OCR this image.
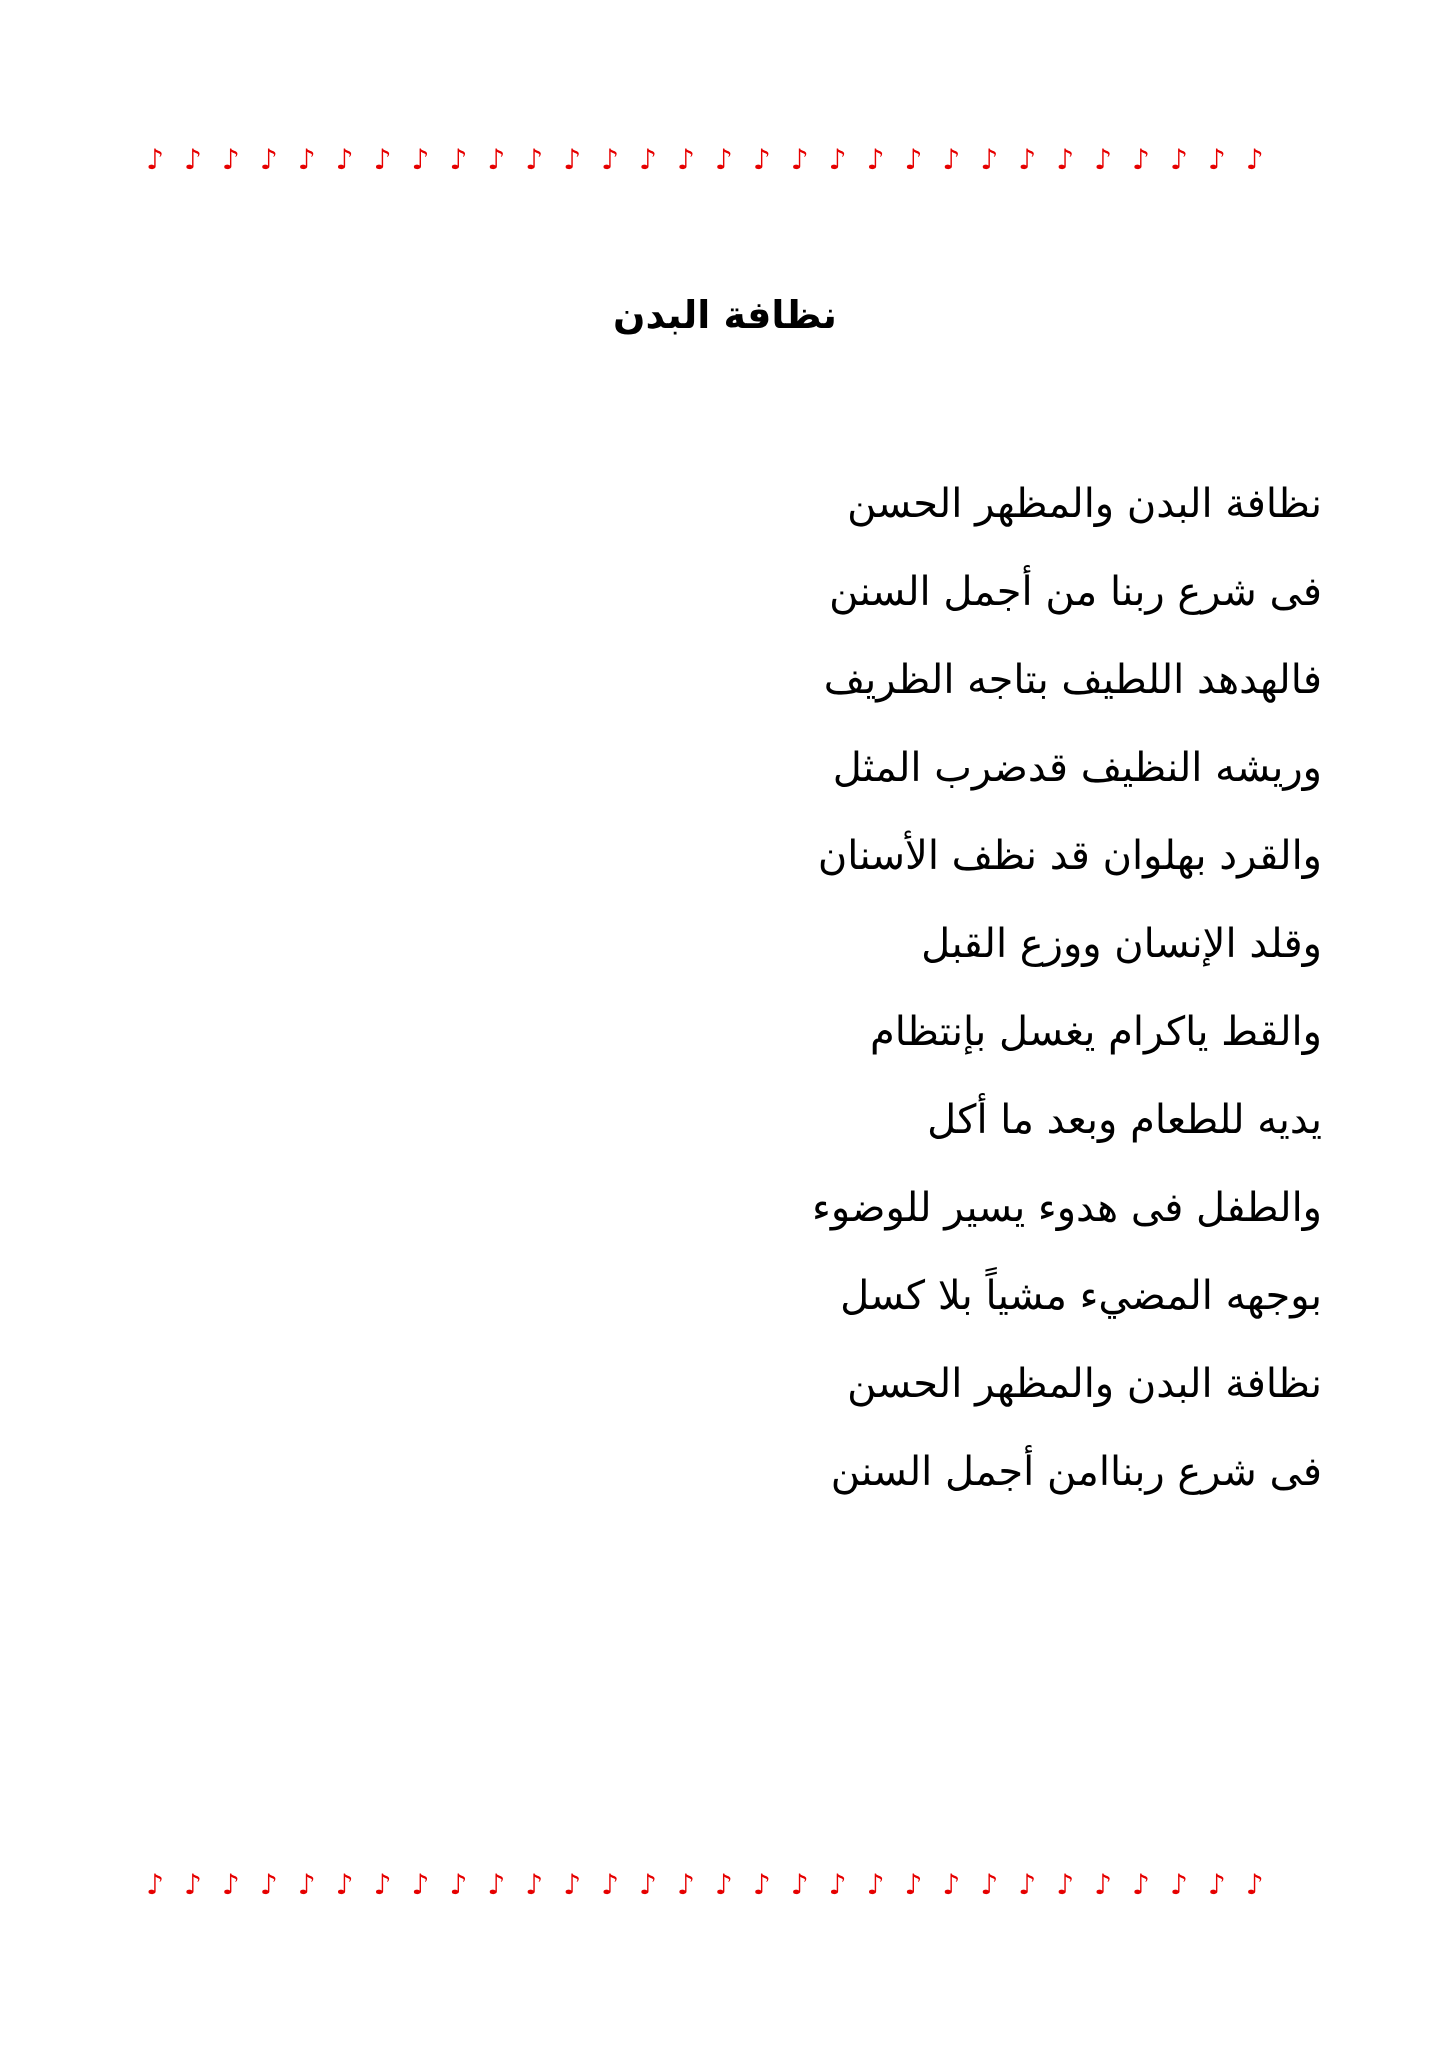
♪ ♪ ♪ ♪ ♪ ♪ ♪ ♪ ♪ ♪ ♪ ♪ ♪ ♪ ♪ ♪ ♪ ♪ ♪ ♪ ♪ ♪ ♪ ♪ ♪ ♪ ♪ ♪ ♪ ♪
نظافة البدن
نظافة البدن والمظهر الحسن
فى شرع ربنا من أجمل السنن
فالهدهد اللطيف بتاجه الظريف
وريشه النظيف قدضرب المثل
والقرد بهلوان قد نظف الأسنان
وقلد الإنسان ووزع القبل
والقط ياكرام يغسل بإنتظام
يديه للطعام وبعد ما أكل
والطفل فى هدوء يسير للوضوء
بوجهه المضيء مشياً بلا كسل
نظافة البدن والمظهر الحسن
فى شرع ربناامن أجمل السنن
♪ ♪ ♪ ♪ ♪ ♪ ♪ ♪ ♪ ♪ ♪ ♪ ♪ ♪ ♪ ♪ ♪ ♪ ♪ ♪ ♪ ♪ ♪ ♪ ♪ ♪ ♪ ♪ ♪ ♪
